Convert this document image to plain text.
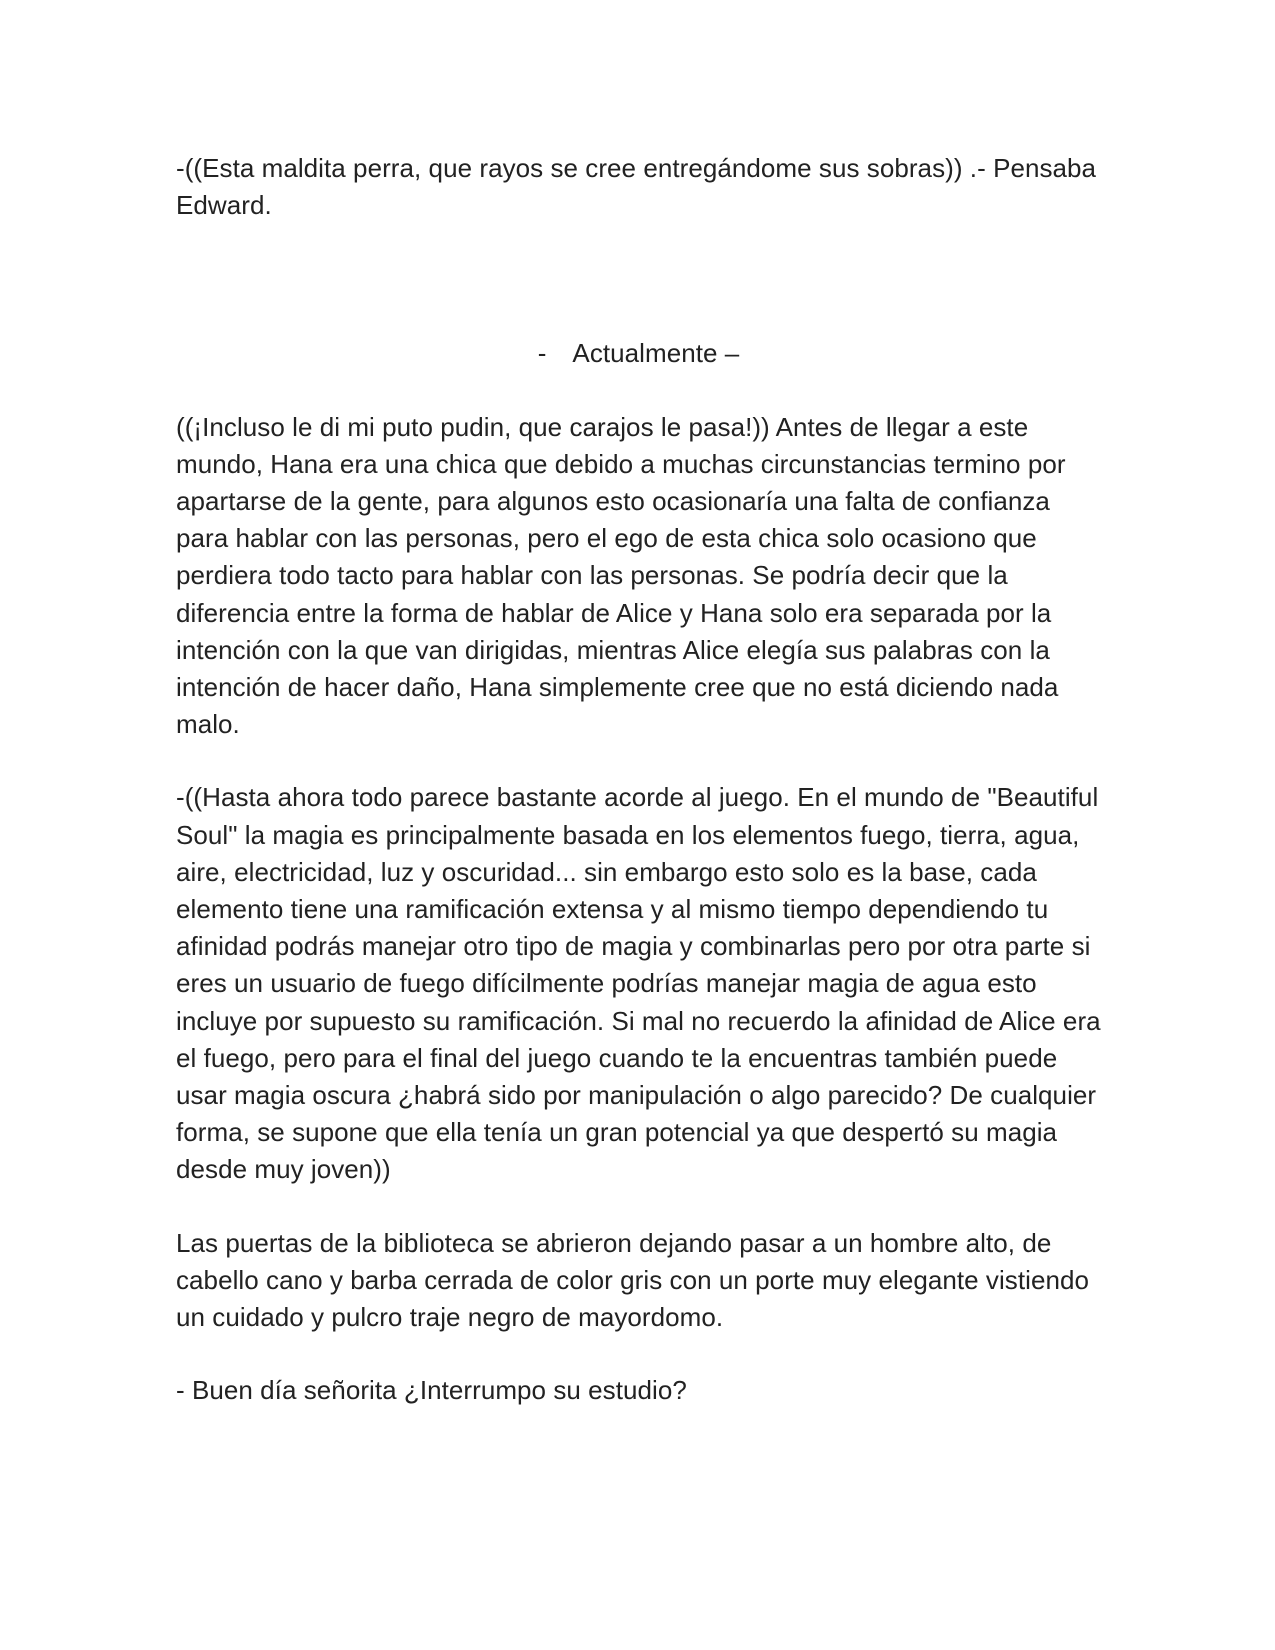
-((Esta maldita perra, que rayos se cree entregándome sus sobras)) .- Pensaba Edward.

- Actualmente –

((¡Incluso le di mi puto pudin, que carajos le pasa!)) Antes de llegar a este mundo, Hana era una chica que debido a muchas circunstancias termino por apartarse de la gente, para algunos esto ocasionaría una falta de confianza para hablar con las personas, pero el ego de esta chica solo ocasiono que perdiera todo tacto para hablar con las personas. Se podría decir que la diferencia entre la forma de hablar de Alice y Hana solo era separada por la intención con la que van dirigidas, mientras Alice elegía sus palabras con la intención de hacer daño, Hana simplemente cree que no está diciendo nada malo.

-((Hasta ahora todo parece bastante acorde al juego. En el mundo de "Beautiful Soul" la magia es principalmente basada en los elementos fuego, tierra, agua, aire, electricidad, luz y oscuridad... sin embargo esto solo es la base, cada elemento tiene una ramificación extensa y al mismo tiempo dependiendo tu afinidad podrás manejar otro tipo de magia y combinarlas pero por otra parte si eres un usuario de fuego difícilmente podrías manejar magia de agua esto incluye por supuesto su ramificación. Si mal no recuerdo la afinidad de Alice era el fuego, pero para el final del juego cuando te la encuentras también puede usar magia oscura ¿habrá sido por manipulación o algo parecido? De cualquier forma, se supone que ella tenía un gran potencial ya que despertó su magia desde muy joven))

Las puertas de la biblioteca se abrieron dejando pasar a un hombre alto, de cabello cano y barba cerrada de color gris con un porte muy elegante vistiendo un cuidado y pulcro traje negro de mayordomo.

- Buen día señorita ¿Interrumpo su estudio?
